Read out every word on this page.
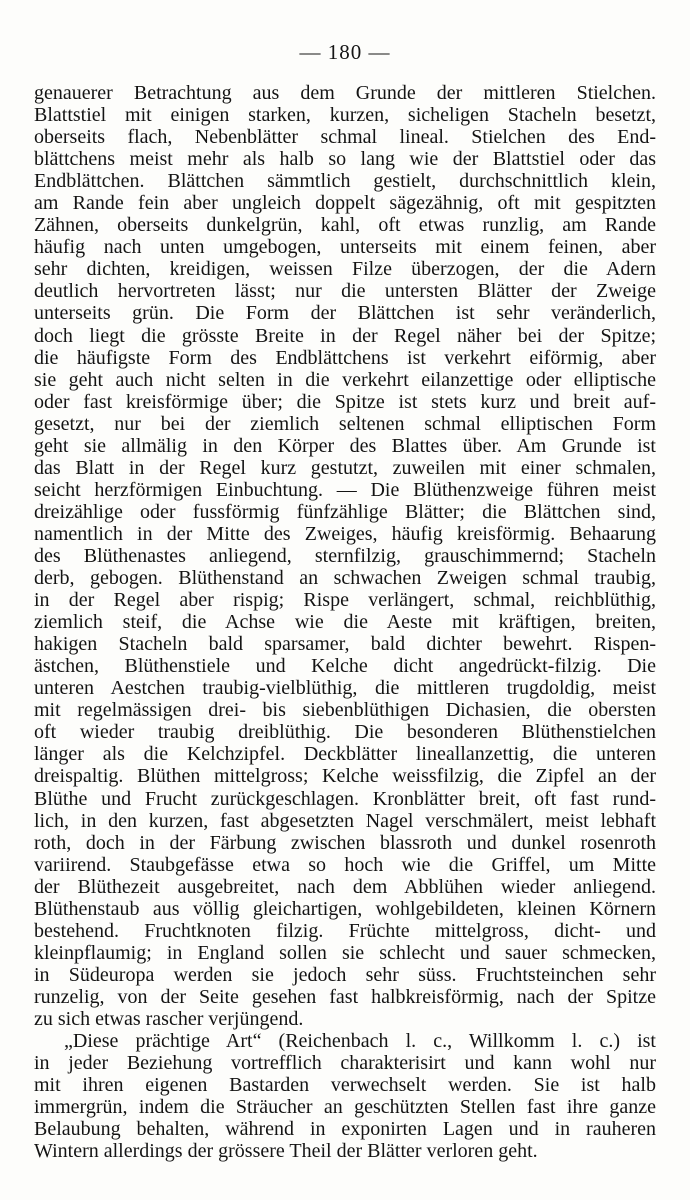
— 180 —
genauerer Betrachtung aus dem Grunde der mittleren Stielchen.
Blattstiel mit einigen starken, kurzen, sicheligen Stacheln besetzt,
oberseits flach, Nebenblätter schmal lineal. Stielchen des End-
blättchens meist mehr als halb so lang wie der Blattstiel oder das
Endblättchen. Blättchen sämmtlich gestielt, durchschnittlich klein,
am Rande fein aber ungleich doppelt sägezähnig, oft mit gespitzten
Zähnen, oberseits dunkelgrün, kahl, oft etwas runzlig, am Rande
häufig nach unten umgebogen, unterseits mit einem feinen, aber
sehr dichten, kreidigen, weissen Filze überzogen, der die Adern
deutlich hervortreten lässt; nur die untersten Blätter der Zweige
unterseits grün. Die Form der Blättchen ist sehr veränderlich,
doch liegt die grösste Breite in der Regel näher bei der Spitze;
die häufigste Form des Endblättchens ist verkehrt eiförmig, aber
sie geht auch nicht selten in die verkehrt eilanzettige oder elliptische
oder fast kreisförmige über; die Spitze ist stets kurz und breit auf-
gesetzt, nur bei der ziemlich seltenen schmal elliptischen Form
geht sie allmälig in den Körper des Blattes über. Am Grunde ist
das Blatt in der Regel kurz gestutzt, zuweilen mit einer schmalen,
seicht herzförmigen Einbuchtung. — Die Blüthenzweige führen meist
dreizählige oder fussförmig fünfzählige Blätter; die Blättchen sind,
namentlich in der Mitte des Zweiges, häufig kreisförmig. Behaarung
des Blüthenastes anliegend, sternfilzig, grauschimmernd; Stacheln
derb, gebogen. Blüthenstand an schwachen Zweigen schmal traubig,
in der Regel aber rispig; Rispe verlängert, schmal, reichblüthig,
ziemlich steif, die Achse wie die Aeste mit kräftigen, breiten,
hakigen Stacheln bald sparsamer, bald dichter bewehrt. Rispen-
ästchen, Blüthenstiele und Kelche dicht angedrückt-filzig. Die
unteren Aestchen traubig-vielblüthig, die mittleren trugdoldig, meist
mit regelmässigen drei- bis siebenblüthigen Dichasien, die obersten
oft wieder traubig dreiblüthig. Die besonderen Blüthenstielchen
länger als die Kelchzipfel. Deckblätter lineallanzettig, die unteren
dreispaltig. Blüthen mittelgross; Kelche weissfilzig, die Zipfel an der
Blüthe und Frucht zurückgeschlagen. Kronblätter breit, oft fast rund-
lich, in den kurzen, fast abgesetzten Nagel verschmälert, meist lebhaft
roth, doch in der Färbung zwischen blassroth und dunkel rosenroth
variirend. Staubgefässe etwa so hoch wie die Griffel, um Mitte
der Blüthezeit ausgebreitet, nach dem Abblühen wieder anliegend.
Blüthenstaub aus völlig gleichartigen, wohlgebildeten, kleinen Körnern
bestehend. Fruchtknoten filzig. Früchte mittelgross, dicht- und
kleinpflaumig; in England sollen sie schlecht und sauer schmecken,
in Südeuropa werden sie jedoch sehr süss. Fruchtsteinchen sehr
runzelig, von der Seite gesehen fast halbkreisförmig, nach der Spitze
zu sich etwas rascher verjüngend.
„Diese prächtige Art“ (Reichenbach l. c., Willkomm l. c.) ist
in jeder Beziehung vortrefflich charakterisirt und kann wohl nur
mit ihren eigenen Bastarden verwechselt werden. Sie ist halb
immergrün, indem die Sträucher an geschützten Stellen fast ihre ganze
Belaubung behalten, während in exponirten Lagen und in rauheren
Wintern allerdings der grössere Theil der Blätter verloren geht.
